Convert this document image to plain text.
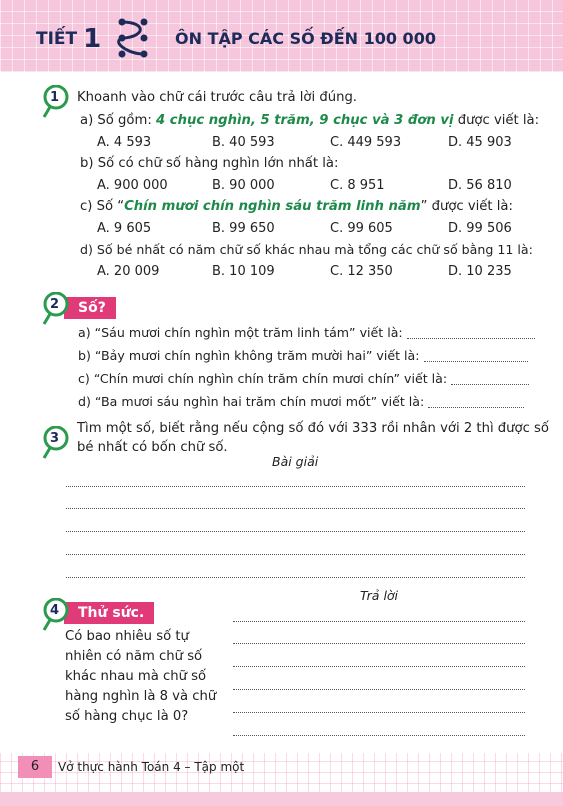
TIẾT 1	ÔN TẬP CÁC SỐ ĐẾN 100 000
1 Khoanh vào chữ cái trước câu trả lời đúng.
a) Số gồm: 4 chục nghìn, 5 trăm, 9 chục và 3 đơn vị được viết là:
A. 4 593	B. 40 593	C. 449 593	D. 45 903
b) Số có chữ số hàng nghìn lớn nhất là:
A. 900 000	B. 90 000	C. 8 951	D. 56 810
c) Số “Chín mươi chín nghìn sáu trăm linh năm” được viết là:
A. 9 605	B. 99 650	C. 99 605	D. 99 506
d) Số bé nhất có năm chữ số khác nhau mà tổng các chữ số bằng 11 là:
A. 20 009	B. 10 109	C. 12 350	D. 10 235
Số?
2
a) “Sáu mươi chín nghìn một trăm linh tám” viết là:
b) “Bảy mươi chín nghìn không trăm mười hai” viết là:
c) “Chín mươi chín nghìn chín trăm chín mươi chín” viết là:
d) “Ba mươi sáu nghìn hai trăm chín mươi mốt” viết là:
3
Tìm một số, biết rằng nếu cộng số đó với 333 rồi nhân với 2 thì được số
bé nhất có bốn chữ số.
Bài giải
Trả lời
Thử sức.
4
Có bao nhiêu số tự
nhiên có năm chữ số
khác nhau mà chữ số
hàng nghìn là 8 và chữ
số hàng chục là 0?
6	Vở thực hành Toán 4 – Tập một
